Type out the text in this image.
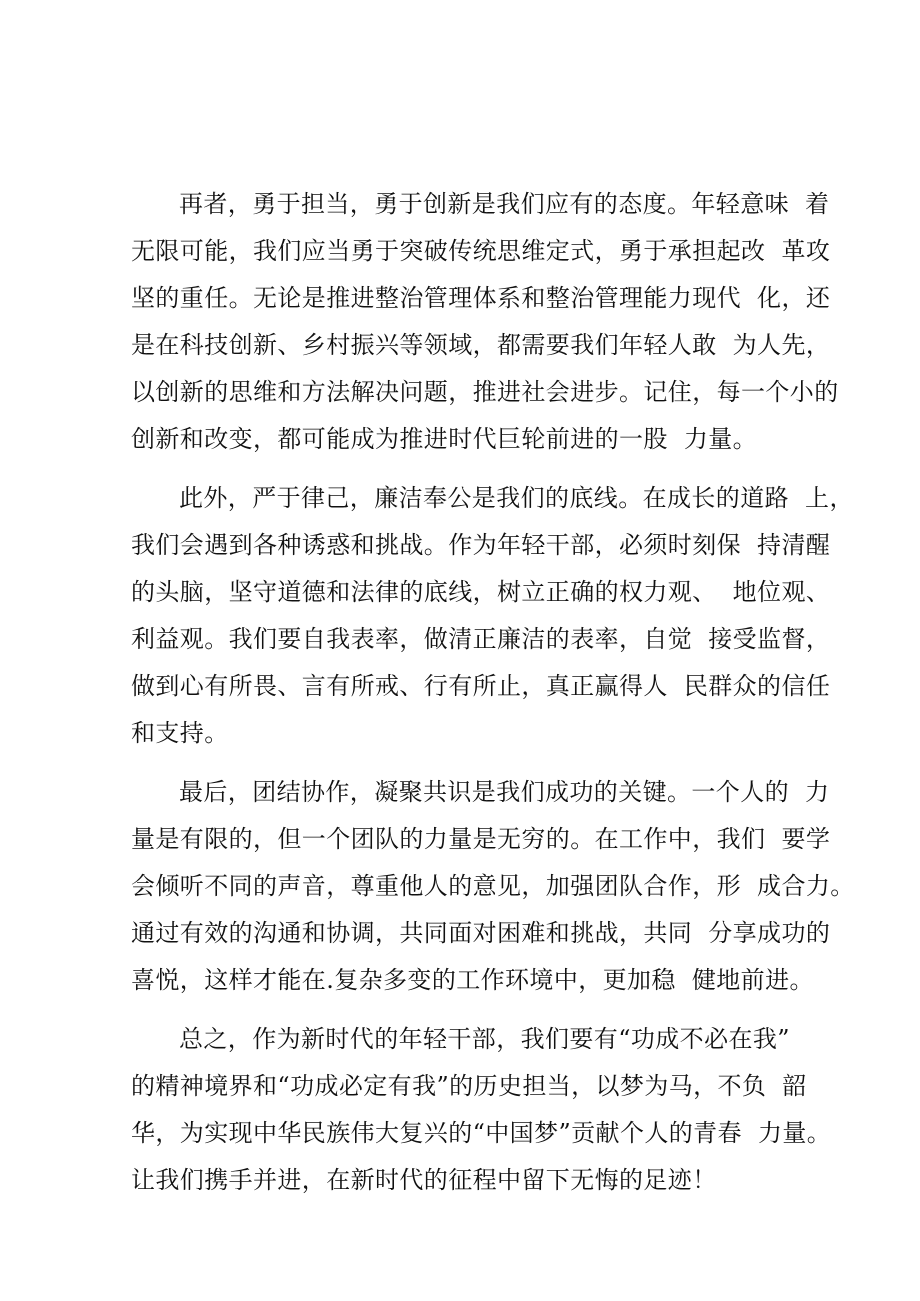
再者，勇于担当，勇于创新是我们应有的态度。年轻意味  着
无限可能，我们应当勇于突破传统思维定式，勇于承担起改  革攻
坚的重任。无论是推进整治管理体系和整治管理能力现代  化，还
是在科技创新、乡村振兴等领域，都需要我们年轻人敢  为人先，
以创新的思维和方法解决问题，推进社会进步。记住，每一个小的
创新和改变，都可能成为推进时代巨轮前进的一股  力量。
此外，严于律己，廉洁奉公是我们的底线。在成长的道路  上，
我们会遇到各种诱惑和挑战。作为年轻干部，必须时刻保  持清醒
的头脑，坚守道德和法律的底线，树立正确的权力观、  地位观、
利益观。我们要自我表率，做清正廉洁的表率，自觉  接受监督，
做到心有所畏、言有所戒、行有所止，真正赢得人  民群众的信任
和支持。
最后，团结协作，凝聚共识是我们成功的关键。一个人的  力
量是有限的，但一个团队的力量是无穷的。在工作中，我们  要学
会倾听不同的声音，尊重他人的意见，加强团队合作，形  成合力。
通过有效的沟通和协调，共同面对困难和挑战，共同  分享成功的
喜悦，这样才能在.复杂多变的工作环境中，更加稳  健地前进。
总之，作为新时代的年轻干部，我们要有“功成不必在我”
的精神境界和“功成必定有我”的历史担当，以梦为马，不负  韶
华，为实现中华民族伟大复兴的“中国梦”贡献个人的青春  力量。
让我们携手并进，在新时代的征程中留下无悔的足迹！
